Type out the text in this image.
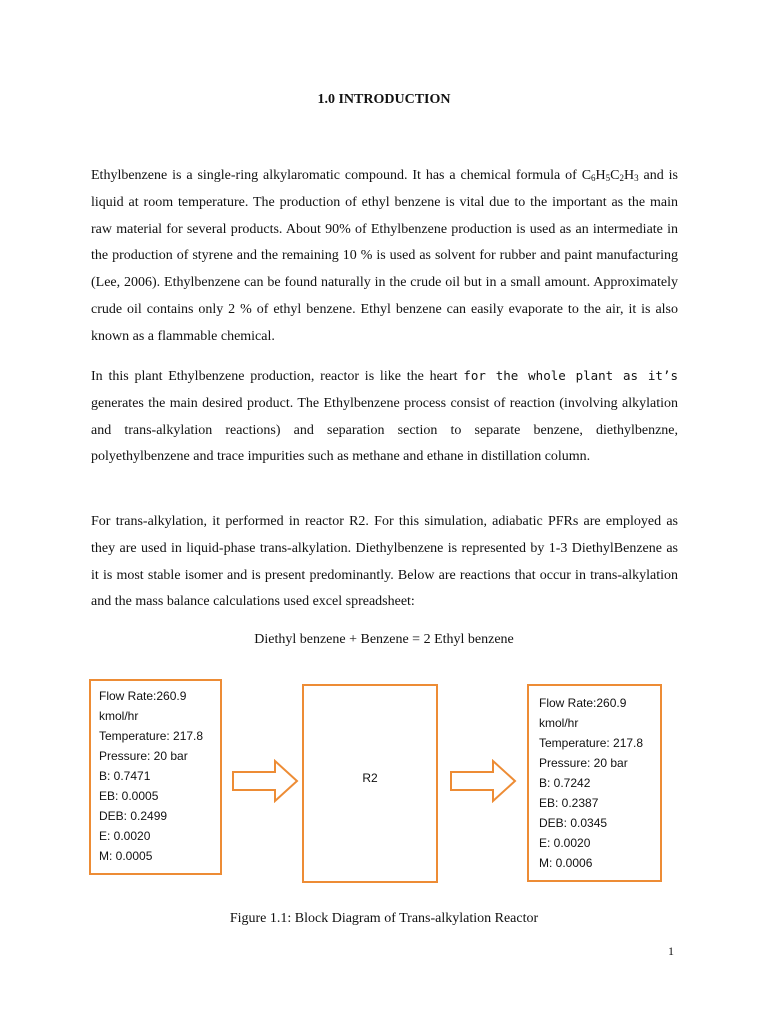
1.0 INTRODUCTION

Ethylbenzene is a single-ring alkylaromatic compound. It has a chemical formula of $C_6H_5C_2H_3$ and is liquid at room temperature. The production of ethyl benzene is vital due to the important as the main raw material for several products. About 90% of Ethylbenzene production is used as an intermediate in the production of styrene and the remaining 10 % is used as solvent for rubber and paint manufacturing (Lee, 2006). Ethylbenzene can be found naturally in the crude oil but in a small amount. Approximately crude oil contains only 2 % of ethyl benzene. Ethyl benzene can easily evaporate to the air, it is also known as a flammable chemical.

In this plant Ethylbenzene production, reactor is like the heart for the whole plant as it’s generates the main desired product. The Ethylbenzene process consist of reaction (involving alkylation and trans-alkylation reactions) and separation section to separate benzene, diethylbenzne, polyethylbenzene and trace impurities such as methane and ethane in distillation column.

For trans-alkylation, it performed in reactor R2. For this simulation, adiabatic PFRs are employed as they are used in liquid-phase trans-alkylation. Diethylbenzene is represented by 1-3 DiethylBenzene as it is most stable isomer and is present predominantly. Below are reactions that occur in trans-alkylation and the mass balance calculations used excel spreadsheet:

Diethyl benzene + Benzene = 2 Ethyl benzene
Flow Rate:260.9
kmol/hr
Temperature: 217.8
Pressure: 20 bar
B: 0.7471
EB: 0.0005
DEB: 0.2499
E: 0.0020
M: 0.0005
R2
Flow Rate:260.9
kmol/hr
Temperature: 217.8
Pressure: 20 bar
B: 0.7242
EB: 0.2387
DEB: 0.0345
E: 0.0020
M: 0.0006
Figure 1.1: Block Diagram of Trans-alkylation Reactor
1
